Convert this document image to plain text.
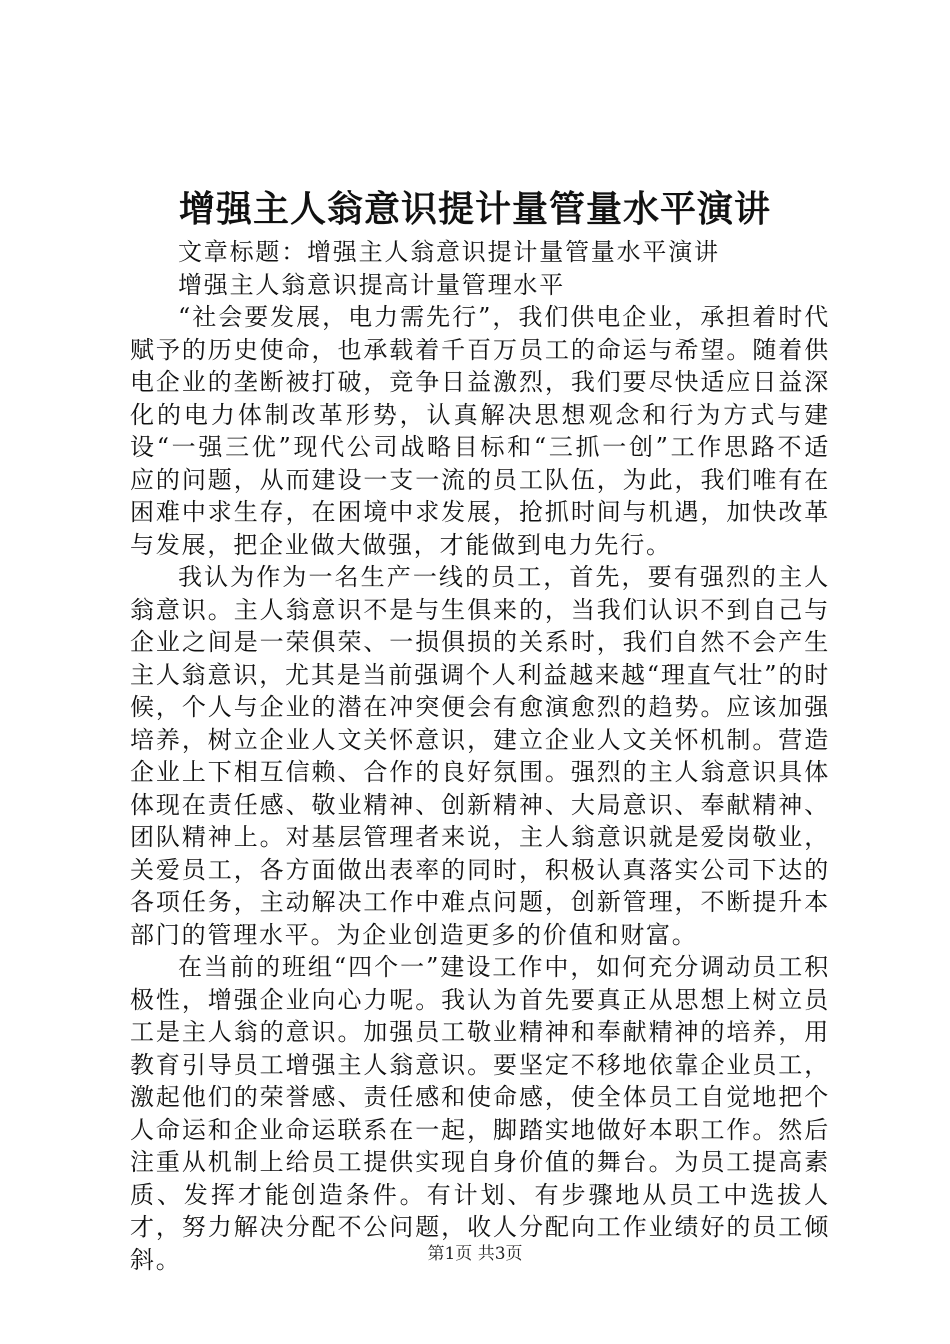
增强主人翁意识提计量管量水平演讲

文章标题：增强主人翁意识提计量管量水平演讲

增强主人翁意识提高计量管理水平

“社会要发展，电力需先行”，我们供电企业，承担着时代赋予的历史使命，也承载着千百万员工的命运与希望。随着供电企业的垄断被打破，竞争日益激烈，我们要尽快适应日益深化的电力体制改革形势，认真解决思想观念和行为方式与建设“一强三优”现代公司战略目标和“三抓一创”工作思路不适应的问题，从而建设一支一流的员工队伍，为此，我们唯有在困难中求生存，在困境中求发展，抢抓时间与机遇，加快改革与发展，把企业做大做强，才能做到电力先行。

我认为作为一名生产一线的员工，首先，要有强烈的主人翁意识。主人翁意识不是与生俱来的，当我们认识不到自己与企业之间是一荣俱荣、一损俱损的关系时，我们自然不会产生主人翁意识，尤其是当前强调个人利益越来越“理直气壮”的时候，个人与企业的潜在冲突便会有愈演愈烈的趋势。应该加强培养，树立企业人文关怀意识，建立企业人文关怀机制。营造企业上下相互信赖、合作的良好氛围。强烈的主人翁意识具体体现在责任感、敬业精神、创新精神、大局意识、奉献精神、团队精神上。对基层管理者来说，主人翁意识就是爱岗敬业，关爱员工，各方面做出表率的同时，积极认真落实公司下达的各项任务，主动解决工作中难点问题，创新管理，不断提升本部门的管理水平。为企业创造更多的价值和财富。

在当前的班组“四个一”建设工作中，如何充分调动员工积极性，增强企业向心力呢。我认为首先要真正从思想上树立员工是主人翁的意识。加强员工敬业精神和奉献精神的培养，用教育引导员工增强主人翁意识。要坚定不移地依靠企业员工，激起他们的荣誉感、责任感和使命感，使全体员工自觉地把个人命运和企业命运联系在一起，脚踏实地做好本职工作。然后注重从机制上给员工提供实现自身价值的舞台。为员工提高素质、发挥才能创造条件。有计划、有步骤地从员工中选拔人才，努力解决分配不公问题，收人分配向工作业绩好的员工倾斜。	第1页 共3页
